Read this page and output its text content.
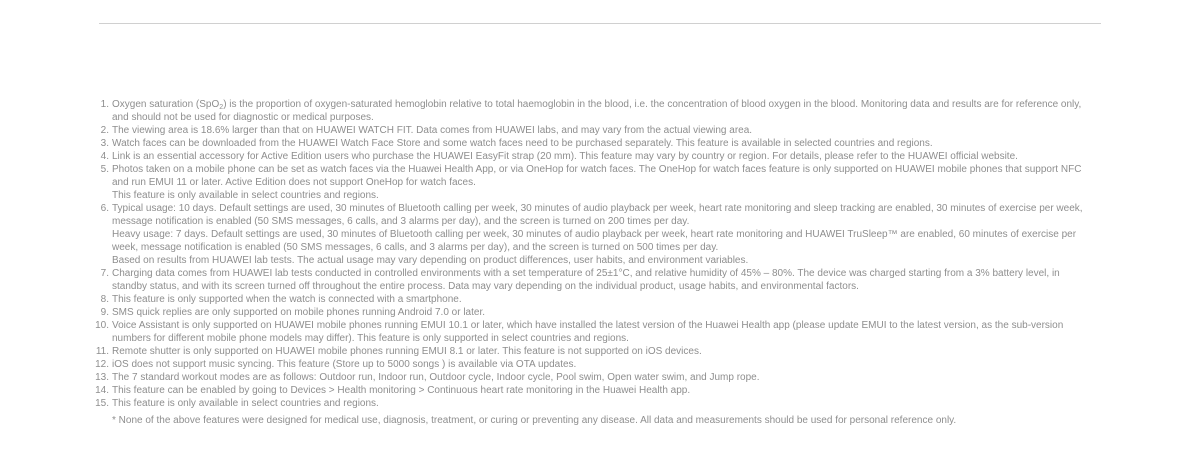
1. Oxygen saturation (SpO$_2$) is the proportion of oxygen-saturated hemoglobin relative to total haemoglobin in the blood, i.e. the concentration of blood oxygen in the blood. Monitoring data and results are for reference only, and should not be used for diagnostic or medical purposes.
2. The viewing area is 18.6% larger than that on HUAWEI WATCH FIT. Data comes from HUAWEI labs, and may vary from the actual viewing area.
3. Watch faces can be downloaded from the HUAWEI Watch Face Store and some watch faces need to be purchased separately. This feature is available in selected countries and regions.
4. Link is an essential accessory for Active Edition users who purchase the HUAWEI EasyFit strap (20 mm). This feature may vary by country or region. For details, please refer to the HUAWEI official website.
5. Photos taken on a mobile phone can be set as watch faces via the Huawei Health App, or via OneHop for watch faces. The OneHop for watch faces feature is only supported on HUAWEI mobile phones that support NFC and run EMUI 11 or later. Active Edition does not support OneHop for watch faces.
This feature is only available in select countries and regions.
6. Typical usage: 10 days. Default settings are used, 30 minutes of Bluetooth calling per week, 30 minutes of audio playback per week, heart rate monitoring and sleep tracking are enabled, 30 minutes of exercise per week, message notification is enabled (50 SMS messages, 6 calls, and 3 alarms per day), and the screen is turned on 200 times per day.
Heavy usage: 7 days. Default settings are used, 30 minutes of Bluetooth calling per week, 30 minutes of audio playback per week, heart rate monitoring and HUAWEI TruSleep™ are enabled, 60 minutes of exercise per week, message notification is enabled (50 SMS messages, 6 calls, and 3 alarms per day), and the screen is turned on 500 times per day.
Based on results from HUAWEI lab tests. The actual usage may vary depending on product differences, user habits, and environment variables.
7. Charging data comes from HUAWEI lab tests conducted in controlled environments with a set temperature of 25±1°C, and relative humidity of 45% – 80%. The device was charged starting from a 3% battery level, in standby status, and with its screen turned off throughout the entire process. Data may vary depending on the individual product, usage habits, and environmental factors.
8. This feature is only supported when the watch is connected with a smartphone.
9. SMS quick replies are only supported on mobile phones running Android 7.0 or later.
10. Voice Assistant is only supported on HUAWEI mobile phones running EMUI 10.1 or later, which have installed the latest version of the Huawei Health app (please update EMUI to the latest version, as the sub-version numbers for different mobile phone models may differ). This feature is only supported in select countries and regions.
11. Remote shutter is only supported on HUAWEI mobile phones running EMUI 8.1 or later. This feature is not supported on iOS devices.
12. iOS does not support music syncing. This feature (Store up to 5000 songs ) is available via OTA updates.
13. The 7 standard workout modes are as follows: Outdoor run, Indoor run, Outdoor cycle, Indoor cycle, Pool swim, Open water swim, and Jump rope.
14. This feature can be enabled by going to Devices > Health monitoring > Continuous heart rate monitoring in the Huawei Health app.
15. This feature is only available in select countries and regions.

* None of the above features were designed for medical use, diagnosis, treatment, or curing or preventing any disease. All data and measurements should be used for personal reference only.
